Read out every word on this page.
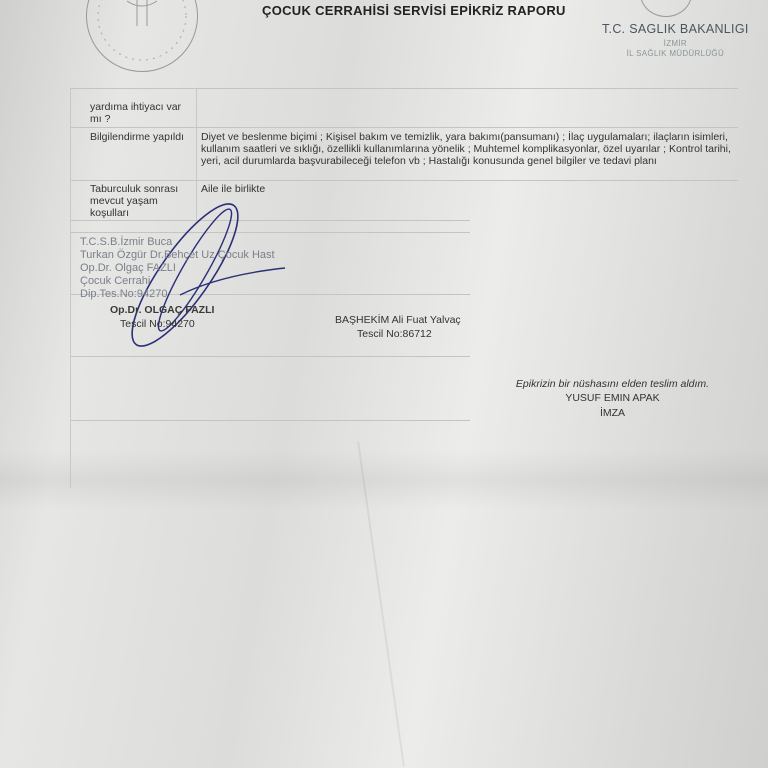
ÇOCUK CERRAHİSİ SERVİSİ EPİKRİZ RAPORU
T.C. SAGLIK BAKANLIGI
İZMİR
İL SAĞLIK MÜDÜRLÜĞÜ
yardıma ihtiyacı var mı ?
Bilgilendirme yapıldı	Diyet ve beslenme biçimi ; Kişisel bakım ve temizlik, yara bakımı(pansumanı) ; İlaç uygulamaları; ilaçların isimleri, kullanım saatleri ve sıklığı, özellikli kullanımlarına yönelik ; Muhtemel komplikasyonlar, özel uyarılar ; Kontrol tarihi, yeri, acil durumlarda başvurabileceği telefon vb ; Hastalığı konusunda genel bilgiler ve tedavi planı
Taburculuk sonrası mevcut yaşam koşulları
Aile ile birlikte
T.C.S.B.İzmir Buca
Turkan Özgür Dr.Behçet Uz Çocuk Hast
Op.Dr. Olgaç FAZLI
Çocuk Cerrahi
Dip.Tes.No:94270
Op.Dr. OLGAÇ FAZLI
Tescil No:94270	BAŞHEKİM Ali Fuat Yalvaç
Tescil No:86712
Epikrizin bir nüshasını elden teslim aldım.
YUSUF EMIN APAK
İMZA
